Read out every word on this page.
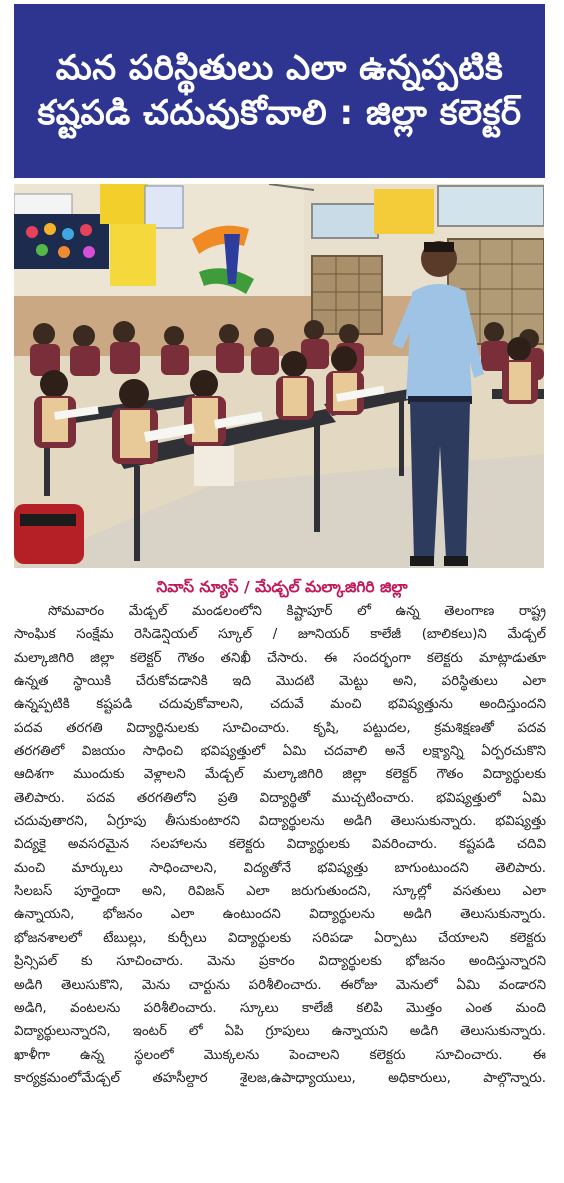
మన పరిస్థితులు ఎలా ఉన్నప్పటికి
కష్టపడి చదువుకోవాలి : జిల్లా కలెక్టర్
నివాస్ న్యూస్ / మేడ్చల్ మల్కాజిగిరి జిల్లా
సోమవారం మేడ్చల్ మండలంలోని కిష్టాపూర్ లో ఉన్న తెలంగాణ రాష్ట్ర
సాంఘిక సంక్షేమ రెసిడెన్షియల్ స్కూల్ / జూనియర్ కాలేజీ (బాలికలు)ని మేడ్చల్
మల్కాజిగిరి జిల్లా కలెక్టర్ గౌతం తనిఖీ చేసారు. ఈ సందర్భంగా కలెక్టరు మాట్లాడుతూ
ఉన్నత స్థాయికి చేరుకోవడానికి ఇది మొదటి మెట్టు అని, పరిస్థితులు ఎలా
ఉన్నప్పటికి కష్టపడి చదువుకోవాలని, చదువే మంచి భవిష్యత్తును అందిస్తుందని
పదవ తరగతి విద్యార్థినులకు సూచించారు. కృషి, పట్టుదల, క్రమశిక్షణతో పదవ
తరగతిలో విజయం సాధించి భవిష్యత్తులో ఏమి చదవాలి అనే లక్ష్యాన్ని ఏర్పరచుకొని
ఆదిశగా ముందుకు వెళ్లాలని మేడ్చల్ మల్కాజిగిరి జిల్లా కలెక్టర్ గౌతం విద్యార్థులకు
తెలిపారు. పదవ తరగతిలోని ప్రతి విద్యార్థితో ముచ్చటించారు. భవిష్యత్తులో ఏమి
చదువుతారని, ఏగ్రూపు తీసుకుంటారని విద్యార్థులను అడిగి తెలుసుకున్నారు. భవిష్యత్తు
విద్యకై అవసరమైన సలహాలను కలెక్టరు విద్యార్థులకు వివరించారు. కష్టపడి చదివి
మంచి మార్కులు సాధించాలని, విద్యతోనే భవిష్యత్తు బాగుంటుందని తెలిపారు.
సిలబస్ పూర్తైందా అని, రివిజన్ ఎలా జరుగుతుందని, స్కూల్లో వసతులు ఎలా
ఉన్నాయని, భోజనం ఎలా ఉంటుందని విద్యార్థులను అడిగి తెలుసుకున్నారు.
భోజనశాలలో టేబుల్లు, కుర్చీలు విద్యార్థులకు సరిపడా ఏర్పాటు చేయాలని కలెక్టరు
ప్రిన్సిపల్ కు సూచించారు. మెను ప్రకారం విద్యార్థులకు భోజనం అందిస్తున్నారని
అడిగి తెలుసుకొని, మెను చార్టును పరిశీలించారు. ఈరోజు మెనులో ఏమి వండారని
అడిగి, వంటలను పరిశీలించారు. స్కూలు కాలేజీ కలిపి మొత్తం ఎంత మంది
విద్యార్థులున్నారని, ఇంటర్ లో ఏపి గ్రూపులు ఉన్నాయని అడిగి తెలుసుకున్నారు.
ఖాళీగా ఉన్న స్థలంలో మొక్కలను పెంచాలని కలెక్టరు సూచించారు. ఈ
కార్యక్రమంలోమేడ్చల్ తహసీల్దార శైలజ,ఉపాధ్యాయులు, అధికారులు, పాల్గొన్నారు.
